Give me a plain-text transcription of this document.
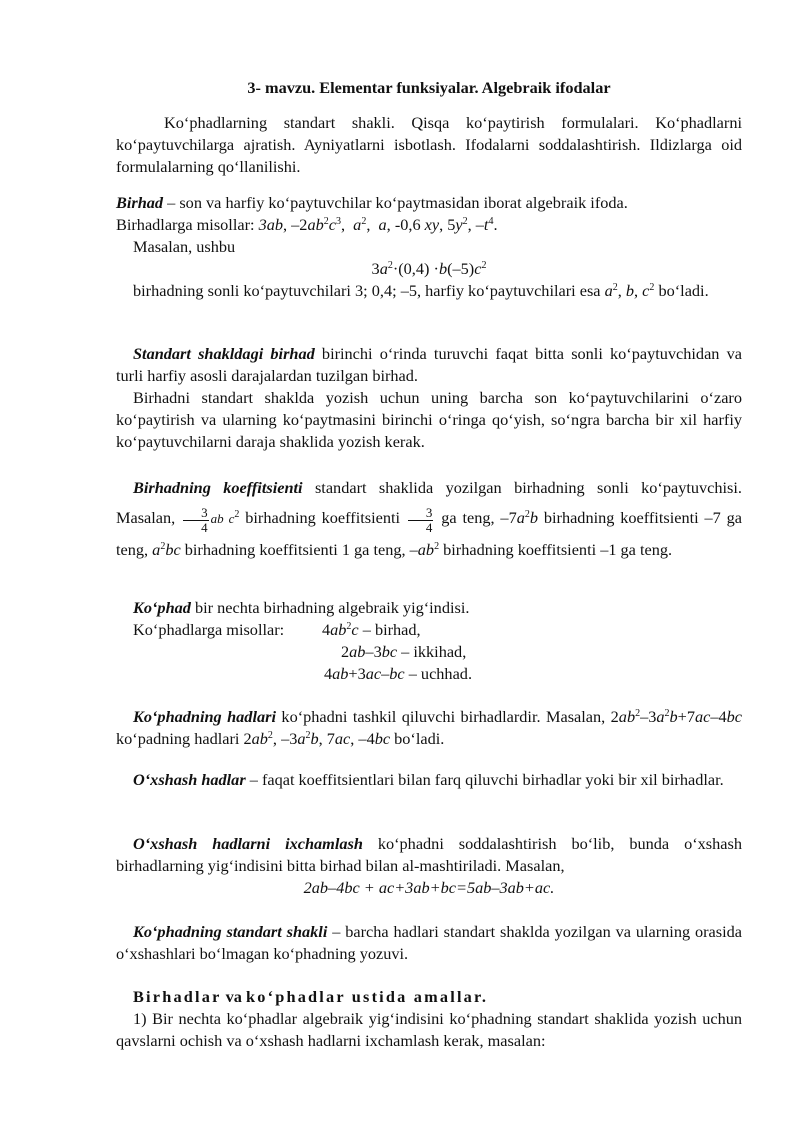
3- mavzu. Elementar funksiyalar. Algebraik ifodalar

Ko‘phadlarning standart shakli. Qisqa ko‘paytirish formulalari. Ko‘phadlarni ko‘paytuvchilarga ajratish. Ayniyatlarni isbotlash. Ifodalarni soddalashtirish. Ildizlarga oid formulalarning qo‘llanilishi.

Birhad – son va harfiy ko‘paytuvchilar ko‘paytmasidan iborat algebraik ifoda.

Birhadlarga misollar: 3ab, $-2ab^2c^3$,  $a^2$,  a, -0,6 xy, $5y^2$, $-t^4$.

Masalan, ushbu

$3a^2\cdot(0,4) \cdot b(-5)c^2$

birhadning sonli ko‘paytuvchilari 3; 0,4; –5, harfiy ko‘paytuvchilari esa $a^2$, b, $c^2$ bo‘ladi.

Standart shakldagi birhad birinchi o‘rinda turuvchi faqat bitta sonli ko‘paytuvchidan va turli harfiy asosli darajalardan tuzilgan birhad.

Birhadni standart shaklda yozish uchun uning barcha son ko‘paytuvchilarini o‘zaro ko‘paytirish va ularning ko‘paytmasini birinchi o‘ringa qo‘yish, so‘ngra barcha bir xil harfiy ko‘paytuvchilarni daraja shaklida yozish kerak.

Birhadning koeffitsienti standart shaklida yozilgan birhadning sonli ko‘paytuvchisi. Masalan, $\frac{3}{4}$ ab $c^2$ birhadning koeffitsienti $\frac{3}{4}$ ga teng, $-7a^2b$ birhadning koeffitsienti –7 ga teng, $a^2bc$ birhadning koeffitsienti 1 ga teng, $-ab^2$ birhadning koeffitsienti –1 ga teng.

Ko‘phad bir nechta birhadning algebraik yig‘indisi.

Ko‘phadlarga misollar:	$4ab^2c$ – birhad,

2ab–3bc – ikkihad,

4ab+3ac–bc – uchhad.

Ko‘phadning hadlari ko‘phadni tashkil qiluvchi birhadlardir. Masalan, $2ab^2-3a^2b+7ac-4bc$ ko‘padning hadlari $2ab^2$, $-3a^2b$, 7ac, –4bc bo‘ladi.

O‘xshash hadlar – faqat koeffitsientlari bilan farq qiluvchi birhadlar yoki bir xil birhadlar.

O‘xshash hadlarni ixchamlash ko‘phadni soddalashtirish bo‘lib, bunda o‘xshash birhadlarning yig‘indisini bitta birhad bilan al-mashtiriladi. Masalan,

2ab–4bc + ac+3ab+bc=5ab–3ab+ac.

Ko‘phadning standart shakli – barcha hadlari standart shaklda yozilgan va ularning orasida o‘xshashlari bo‘lmagan ko‘phadning yozuvi.

Birhadlar va ko‘phadlar ustida amallar.

1) Bir nechta ko‘phadlar algebraik yig‘indisini ko‘phadning standart shaklida yozish uchun qavslarni ochish va o‘xshash hadlarni ixchamlash kerak, masalan:
